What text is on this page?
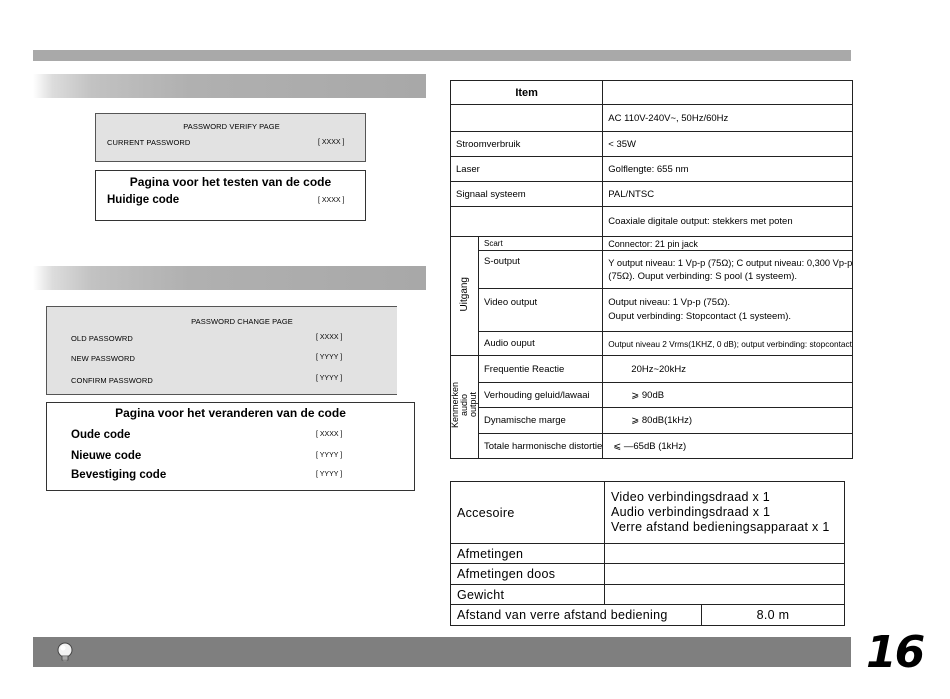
PASSWORD VERIFY PAGE
CURRENT PASSWORD	[ XXXX ]
Pagina voor het testen van de code
Huidige code	[ XXXX ]
PASSWORD CHANGE PAGE
OLD PASSOWRD	[ XXXX ]
NEW PASSWORD	[ YYYY ]
CONFIRM PASSWORD	[ YYYY ]
Pagina voor het veranderen van de code
Oude code	[ XXXX ]
Nieuwe code	[ YYYY ]
Bevestiging code	[ YYYY ]
Item		
		AC 110V-240V~, 50Hz/60Hz
Stroomverbruik		< 35W
Laser		Golflengte: 655 nm
Signaal systeem		PAL/NTSC
		Coaxiale digitale output: stekkers met poten
Uitgang	Scart	Connector: 21 pin jack
	S-output	Y output niveau: 1 Vp-p (75Ω); C output niveau: 0,300 Vp-p
(75Ω). Ouput verbinding: S pool (1 systeem).

	Video output	Output niveau: 1 Vp-p (75Ω).
Ouput verbinding: Stopcontact (1 systeem).

	Audio ouput	Output niveau 2 Vrms(1KHZ, 0 dB); output verbinding: stopcontact

Kenmerken audio output	Frequentie Reactie	20Hz~20kHz
	Verhouding geluid/lawaai	⩾ 90dB
	Dynamische marge	⩾ 80dB(1kHz)
	Totale harmonische distortie	⩽ —65dB (1kHz)
Accesoire	Video verbindingsdraad x 1
Audio verbindingsdraad x 1
Verre afstand bedieningsapparaat x 1	

Afmetingen		
Afmetingen doos		
Gewicht		
Afstand van verre afstand bediening		8.0 m
16
